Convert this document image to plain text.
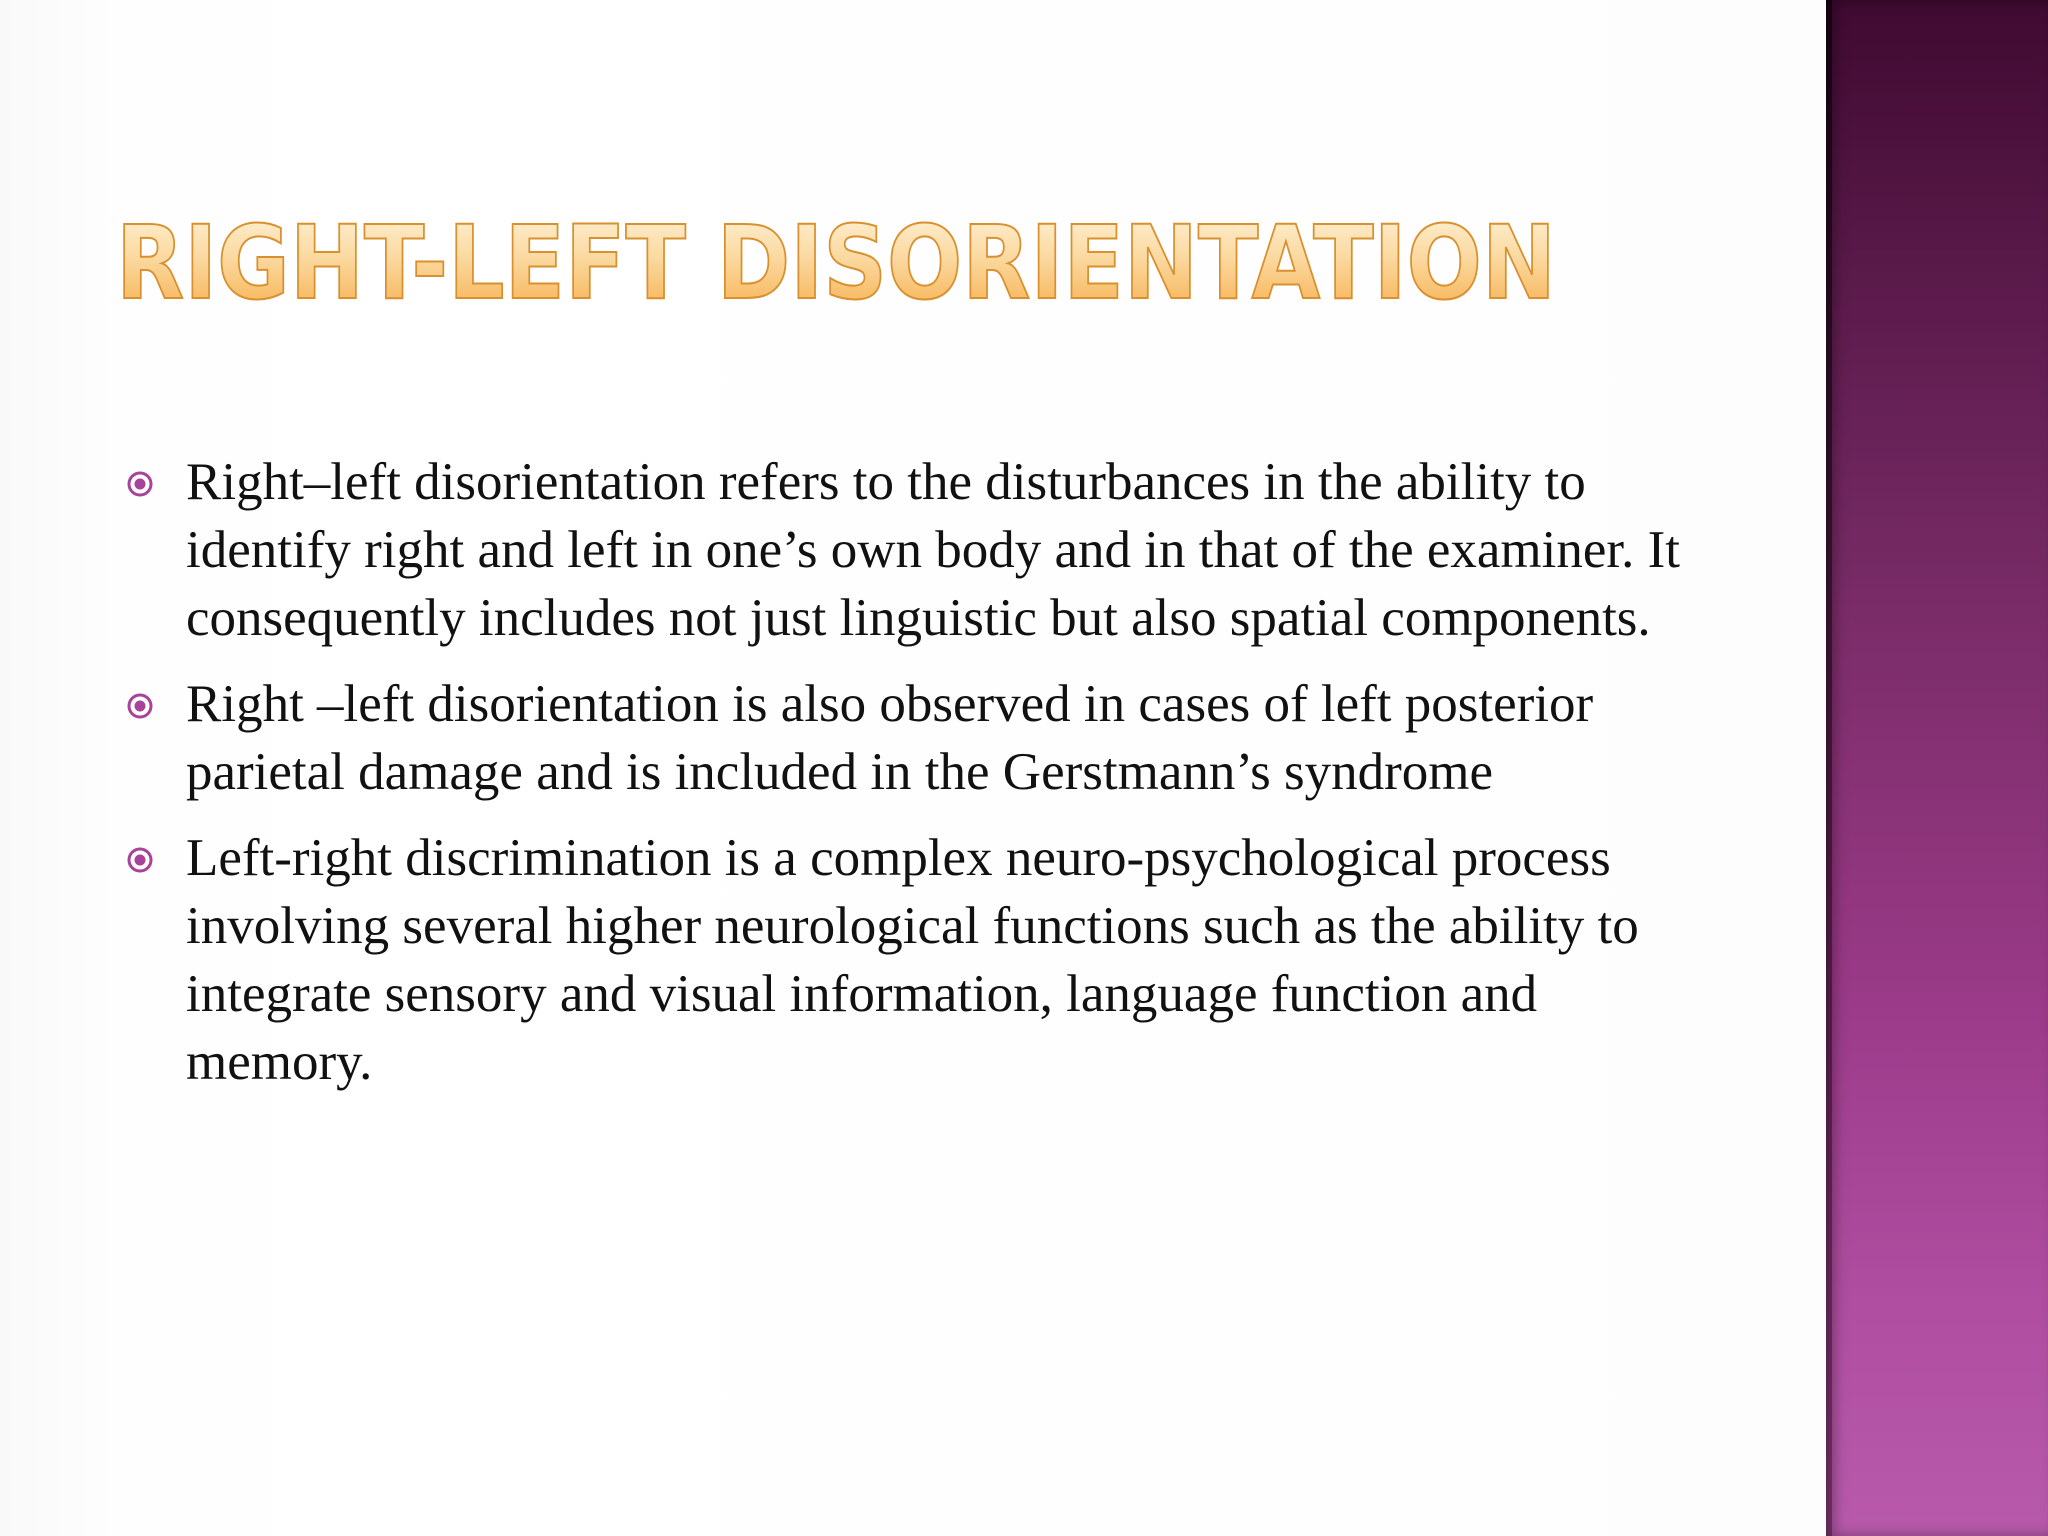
RIGHT-LEFT DISORIENTATION
Right–left disorientation refers to the disturbances in the ability to identify right and left in one’s own body and in that of the examiner. It consequently includes not just linguistic but also spatial components.
Right –left disorientation is also observed in cases of left posterior parietal damage and is included in the Gerstmann’s syndrome
Left-right discrimination is a complex neuro-psychological process involving several higher neurological functions such as the ability to integrate sensory and visual information, language function and memory.
